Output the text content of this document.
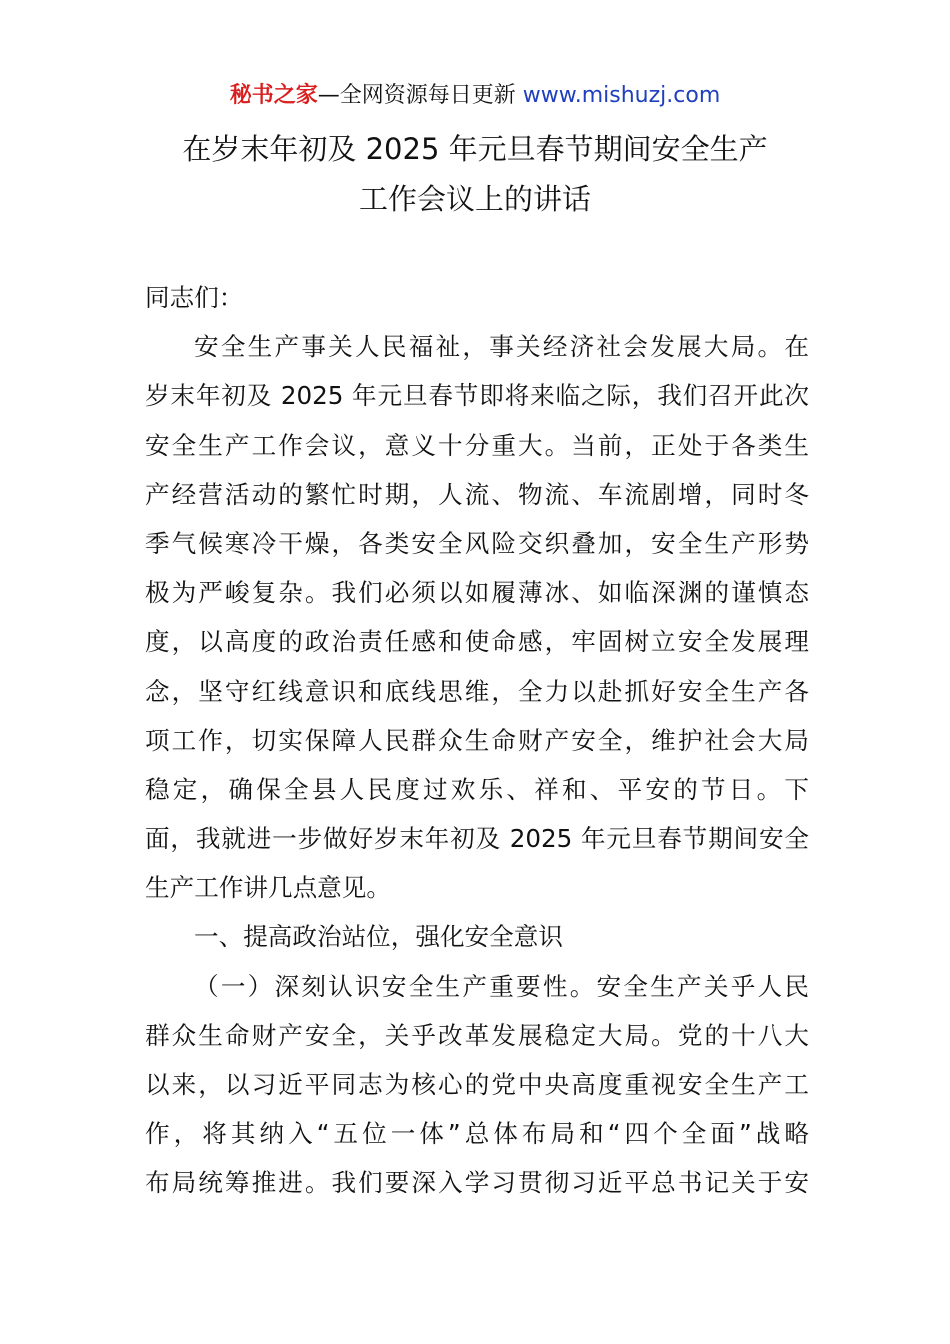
秘书之家—全网资源每日更新 www.mishuzj.com
在岁末年初及 2025 年元旦春节期间安全生产
工作会议上的讲话
同志们：
安全生产事关人民福祉，事关经济社会发展大局。在
岁末年初及 2025 年元旦春节即将来临之际，我们召开此次
安全生产工作会议，意义十分重大。当前，正处于各类生
产经营活动的繁忙时期，人流、物流、车流剧增，同时冬
季气候寒冷干燥，各类安全风险交织叠加，安全生产形势
极为严峻复杂。我们必须以如履薄冰、如临深渊的谨慎态
度，以高度的政治责任感和使命感，牢固树立安全发展理
念，坚守红线意识和底线思维，全力以赴抓好安全生产各
项工作，切实保障人民群众生命财产安全，维护社会大局
稳定，确保全县人民度过欢乐、祥和、平安的节日。下
面，我就进一步做好岁末年初及 2025 年元旦春节期间安全
生产工作讲几点意见。
一、提高政治站位，强化安全意识
（一）深刻认识安全生产重要性。安全生产关乎人民
群众生命财产安全，关乎改革发展稳定大局。党的十八大
以来，以习近平同志为核心的党中央高度重视安全生产工
作，将其纳入“五位一体”总体布局和“四个全面”战略
布局统筹推进。我们要深入学习贯彻习近平总书记关于安
